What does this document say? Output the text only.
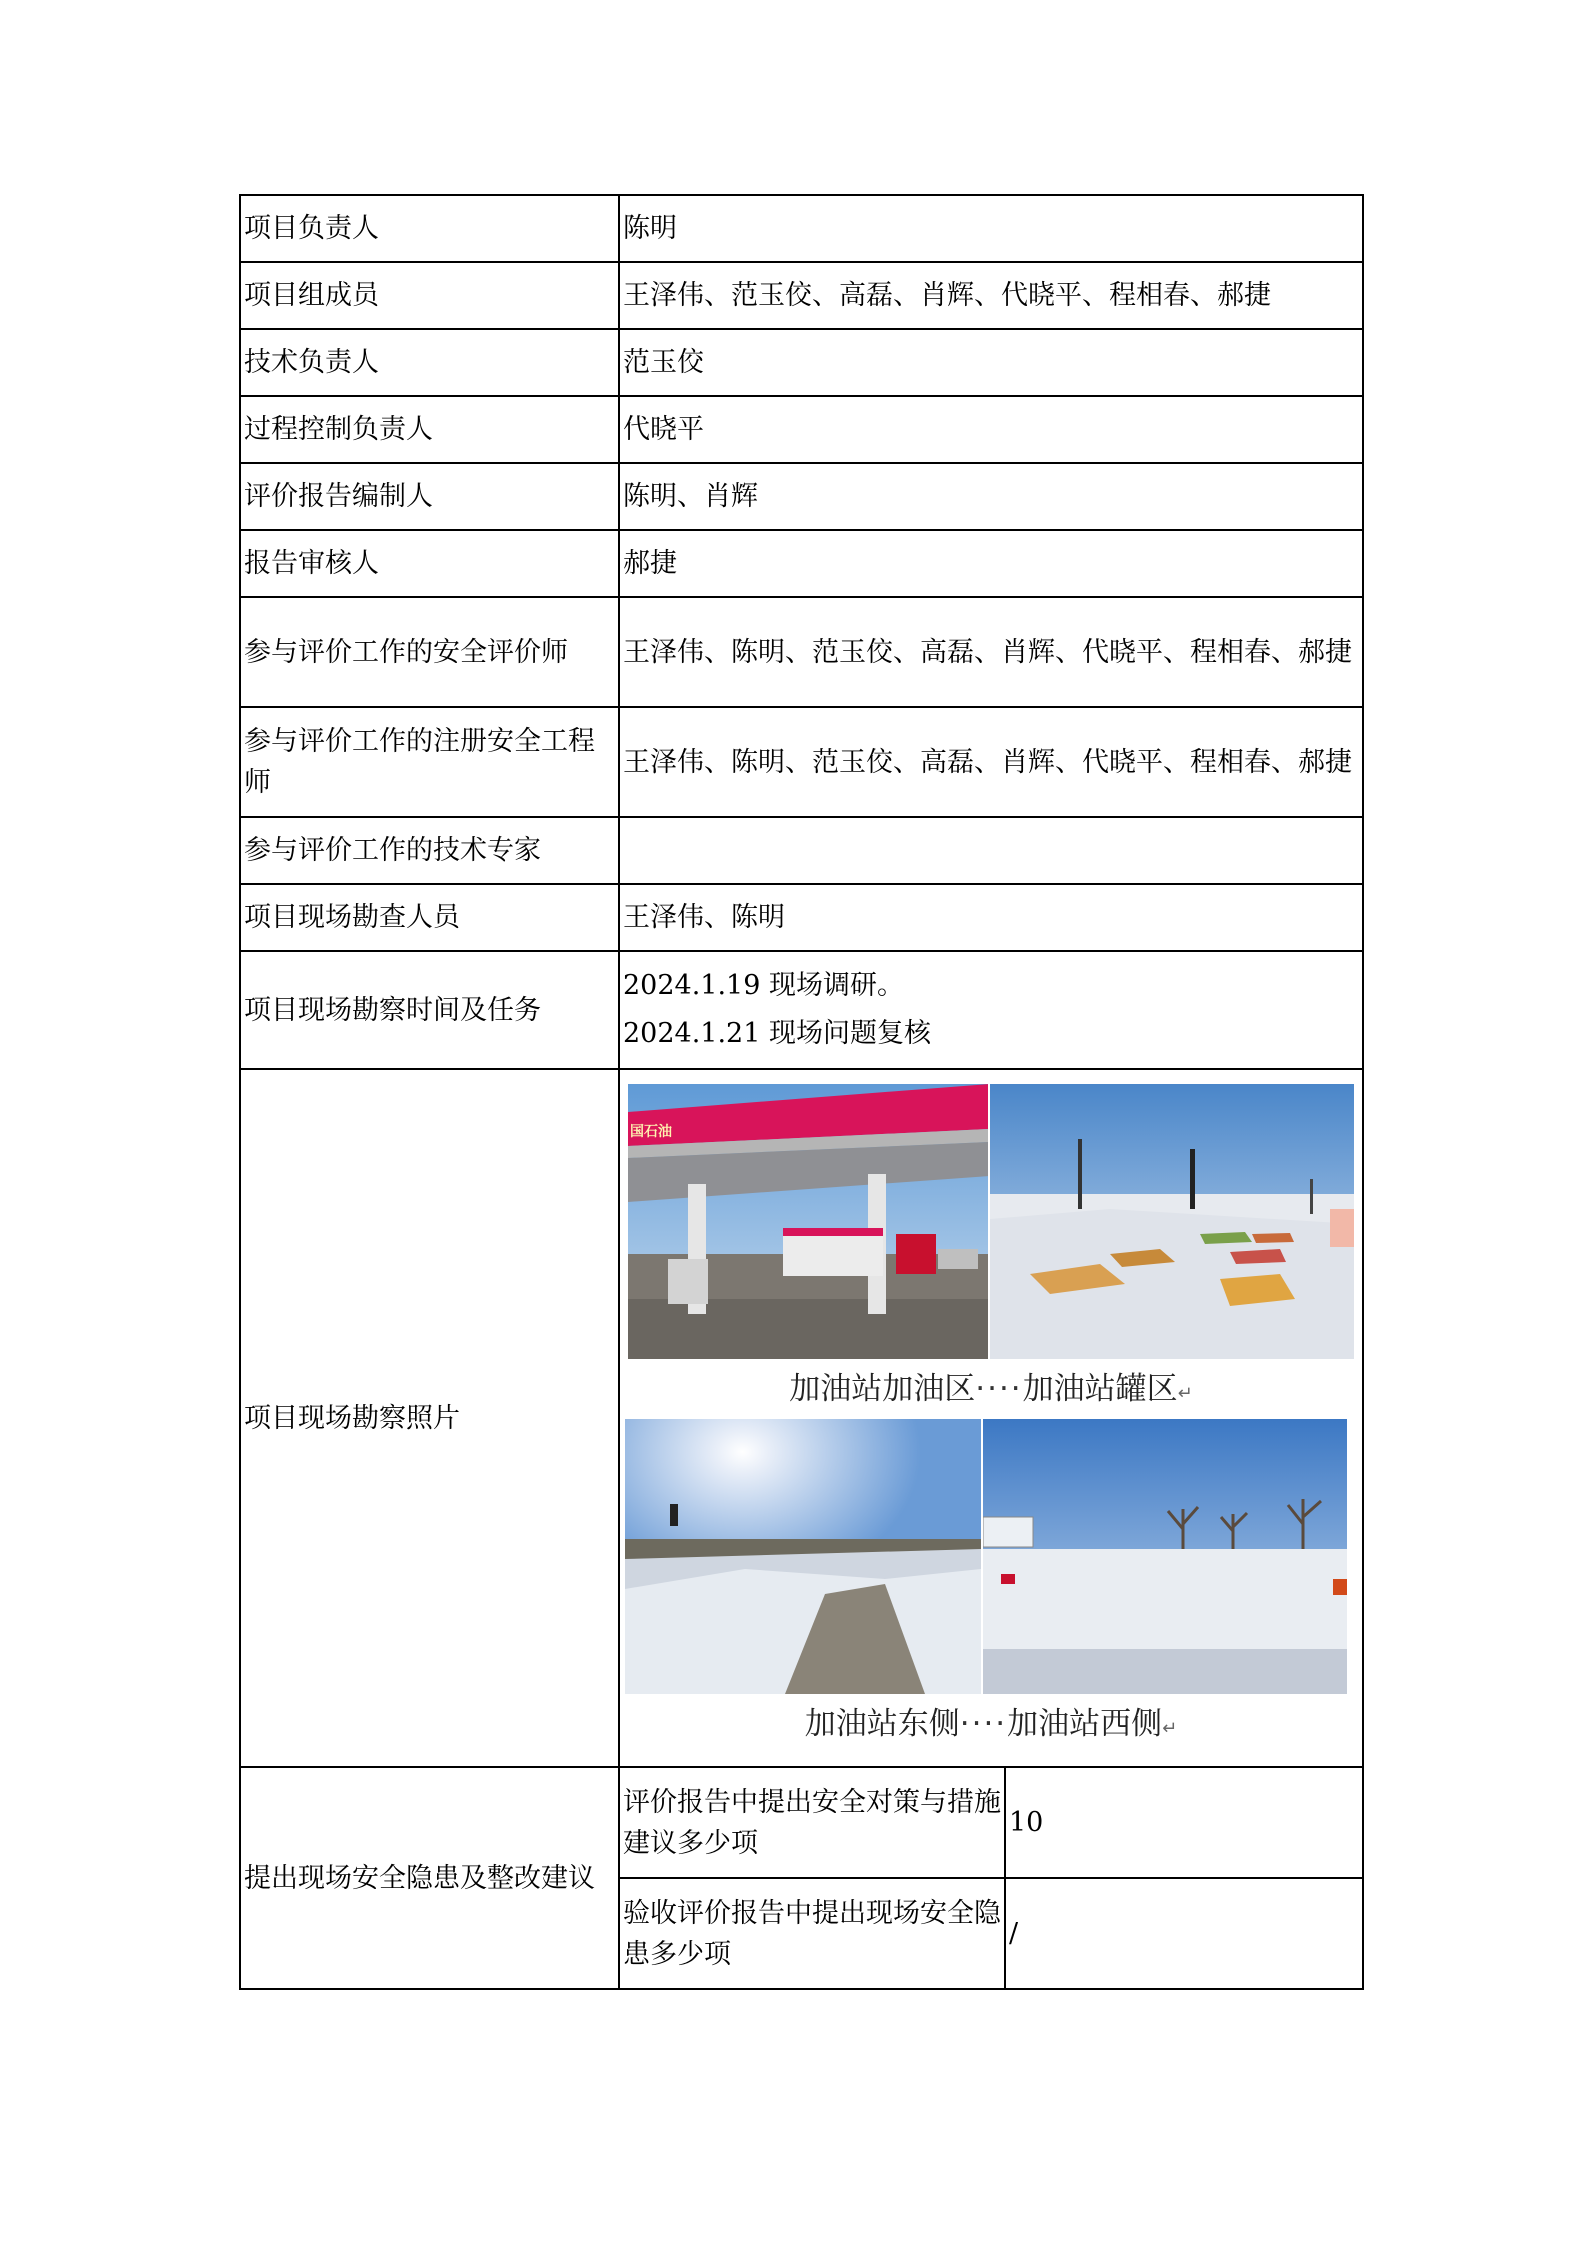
项目负责人	陈明	
项目组成员	王泽伟、范玉佼、高磊、肖辉、代晓平、程相春、郝捷	
技术负责人	范玉佼	
过程控制负责人	代晓平	
评价报告编制人	陈明、肖辉	
报告审核人	郝捷	
参与评价工作的安全评价师	王泽伟、陈明、范玉佼、高磊、肖辉、代晓平、程相春、郝捷	
参与评价工作的注册安全工程师	王泽伟、陈明、范玉佼、高磊、肖辉、代晓平、程相春、郝捷	
参与评价工作的技术专家		
项目现场勘查人员	王泽伟、陈明	
项目现场勘察时间及任务	2024.1.19 现场调研。
2024.1.21 现场问题复核	

项目现场勘察照片	国石油
加油站加油区····加油站罐区↵
加油站东侧····加油站西侧↵	

提出现场安全隐患及整改建议	评价报告中提出安全对策与措施建议多少项	10
	验收评价报告中提出现场安全隐患多少项	/
